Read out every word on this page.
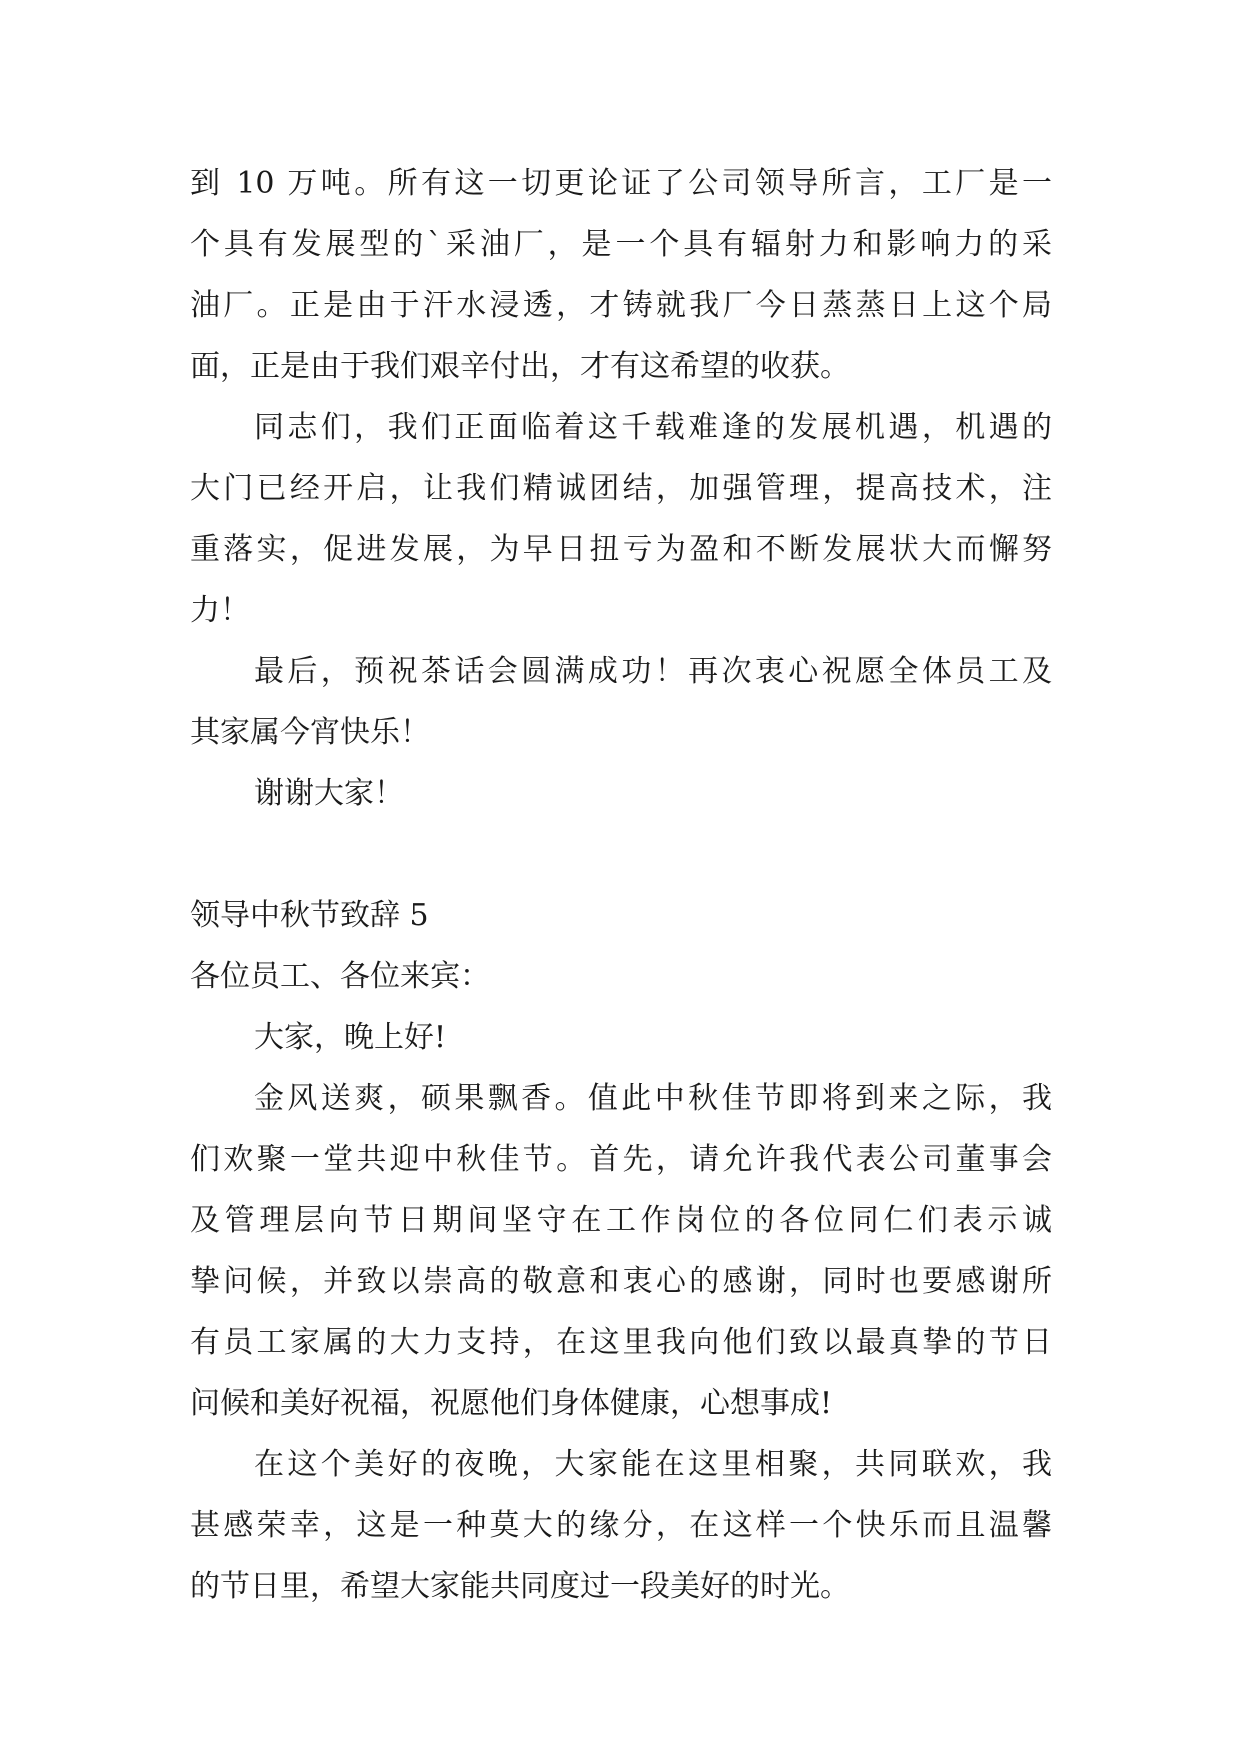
到 10 万吨。所有这一切更论证了公司领导所言，工厂是一

个具有发展型的`采油厂，是一个具有辐射力和影响力的采

油厂。正是由于汗水浸透，才铸就我厂今日蒸蒸日上这个局

面，正是由于我们艰辛付出，才有这希望的收获。

同志们，我们正面临着这千载难逢的发展机遇，机遇的

大门已经开启，让我们精诚团结，加强管理，提高技术，注

重落实，促进发展，为早日扭亏为盈和不断发展状大而懈努

力！

最后，预祝茶话会圆满成功！再次衷心祝愿全体员工及

其家属今宵快乐！

谢谢大家！

领导中秋节致辞 5

各位员工、各位来宾：

大家，晚上好!

金风送爽，硕果飘香。值此中秋佳节即将到来之际，我

们欢聚一堂共迎中秋佳节。首先，请允许我代表公司董事会

及管理层向节日期间坚守在工作岗位的各位同仁们表示诚

挚问候，并致以崇高的敬意和衷心的感谢，同时也要感谢所

有员工家属的大力支持，在这里我向他们致以最真挚的节日

问候和美好祝福，祝愿他们身体健康，心想事成!

在这个美好的夜晚，大家能在这里相聚，共同联欢，我

甚感荣幸，这是一种莫大的缘分，在这样一个快乐而且温馨

的节日里，希望大家能共同度过一段美好的时光。
